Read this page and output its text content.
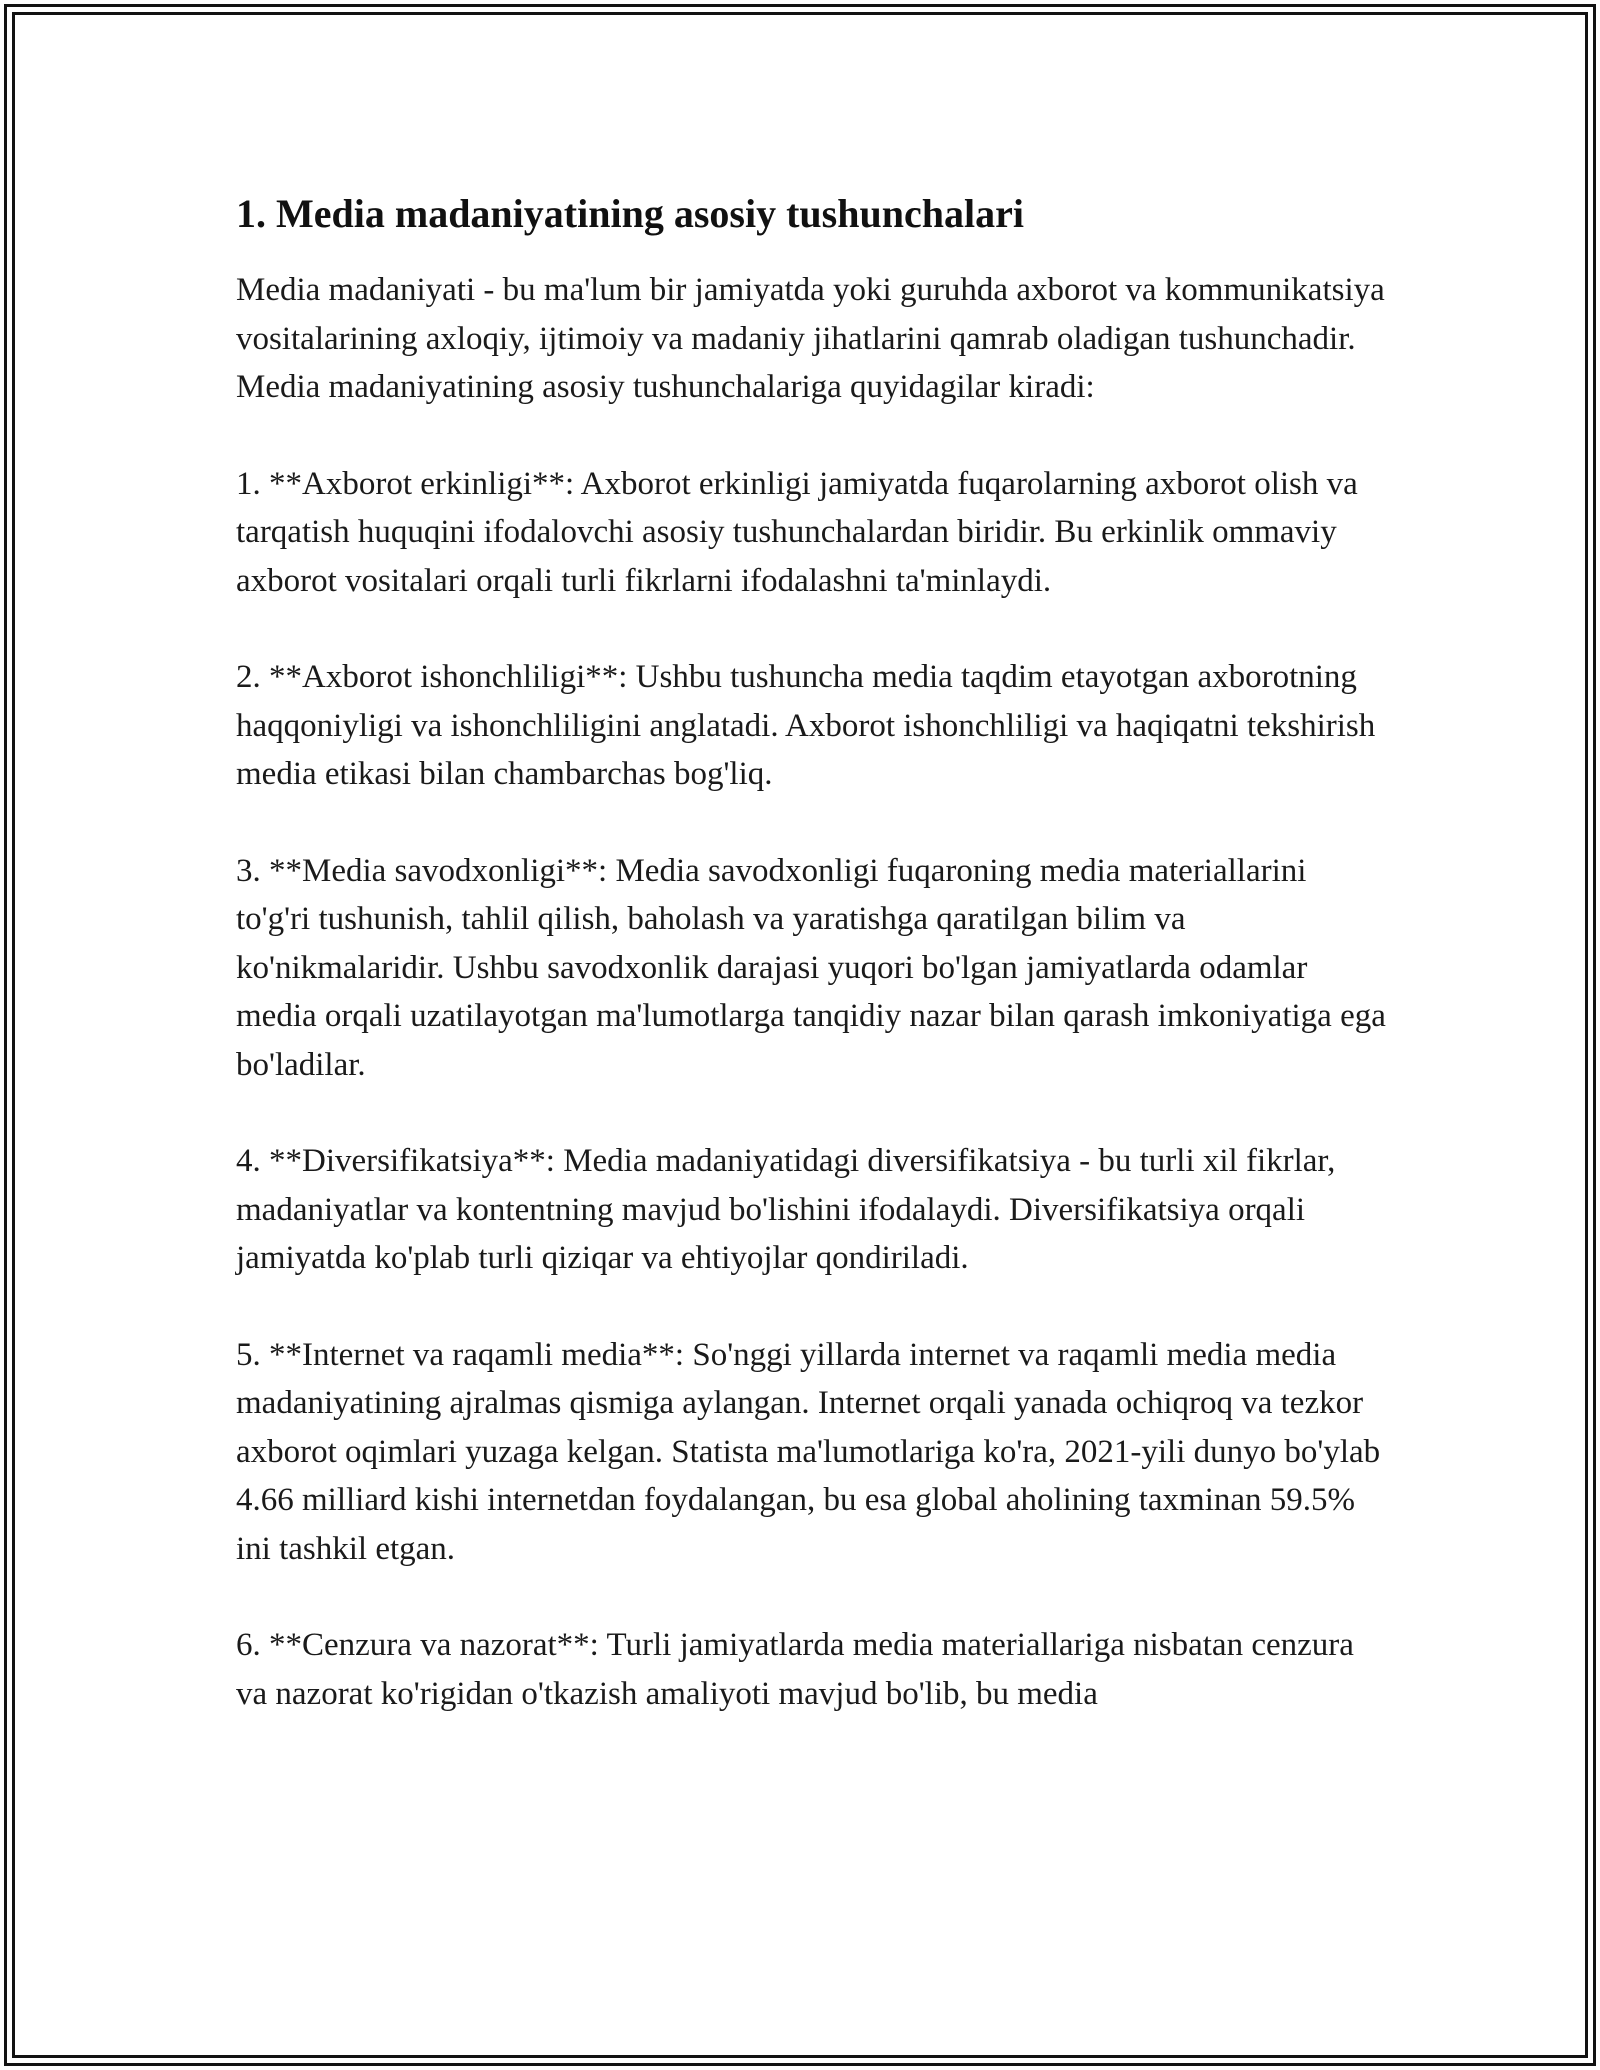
1. Media madaniyatining asosiy tushunchalari

Media madaniyati - bu ma'lum bir jamiyatda yoki guruhda axborot va kommunikatsiya vositalarining axloqiy, ijtimoiy va madaniy jihatlarini qamrab oladigan tushunchadir. Media madaniyatining asosiy tushunchalariga quyidagilar kiradi:

1. **Axborot erkinligi**: Axborot erkinligi jamiyatda fuqarolarning axborot olish va tarqatish huquqini ifodalovchi asosiy tushunchalardan biridir. Bu erkinlik ommaviy axborot vositalari orqali turli fikrlarni ifodalashni ta'minlaydi.

2. **Axborot ishonchliligi**: Ushbu tushuncha media taqdim etayotgan axborotning haqqoniyligi va ishonchliligini anglatadi. Axborot ishonchliligi va haqiqatni tekshirish media etikasi bilan chambarchas bog'liq.

3. **Media savodxonligi**: Media savodxonligi fuqaroning media materiallarini to'g'ri tushunish, tahlil qilish, baholash va yaratishga qaratilgan bilim va ko'nikmalaridir. Ushbu savodxonlik darajasi yuqori bo'lgan jamiyatlarda odamlar media orqali uzatilayotgan ma'lumotlarga tanqidiy nazar bilan qarash imkoniyatiga ega bo'ladilar.

4. **Diversifikatsiya**: Media madaniyatidagi diversifikatsiya - bu turli xil fikrlar, madaniyatlar va kontentning mavjud bo'lishini ifodalaydi. Diversifikatsiya orqali jamiyatda ko'plab turli qiziqar va ehtiyojlar qondiriladi.

5. **Internet va raqamli media**: So'nggi yillarda internet va raqamli media media madaniyatining ajralmas qismiga aylangan. Internet orqali yanada ochiqroq va tezkor axborot oqimlari yuzaga kelgan. Statista ma'lumotlariga ko'ra, 2021-yili dunyo bo'ylab 4.66 milliard kishi internetdan foydalangan, bu esa global aholining taxminan 59.5% ini tashkil etgan.

6. **Cenzura va nazorat**: Turli jamiyatlarda media materiallariga nisbatan cenzura va nazorat ko'rigidan o'tkazish amaliyoti mavjud bo'lib, bu media
